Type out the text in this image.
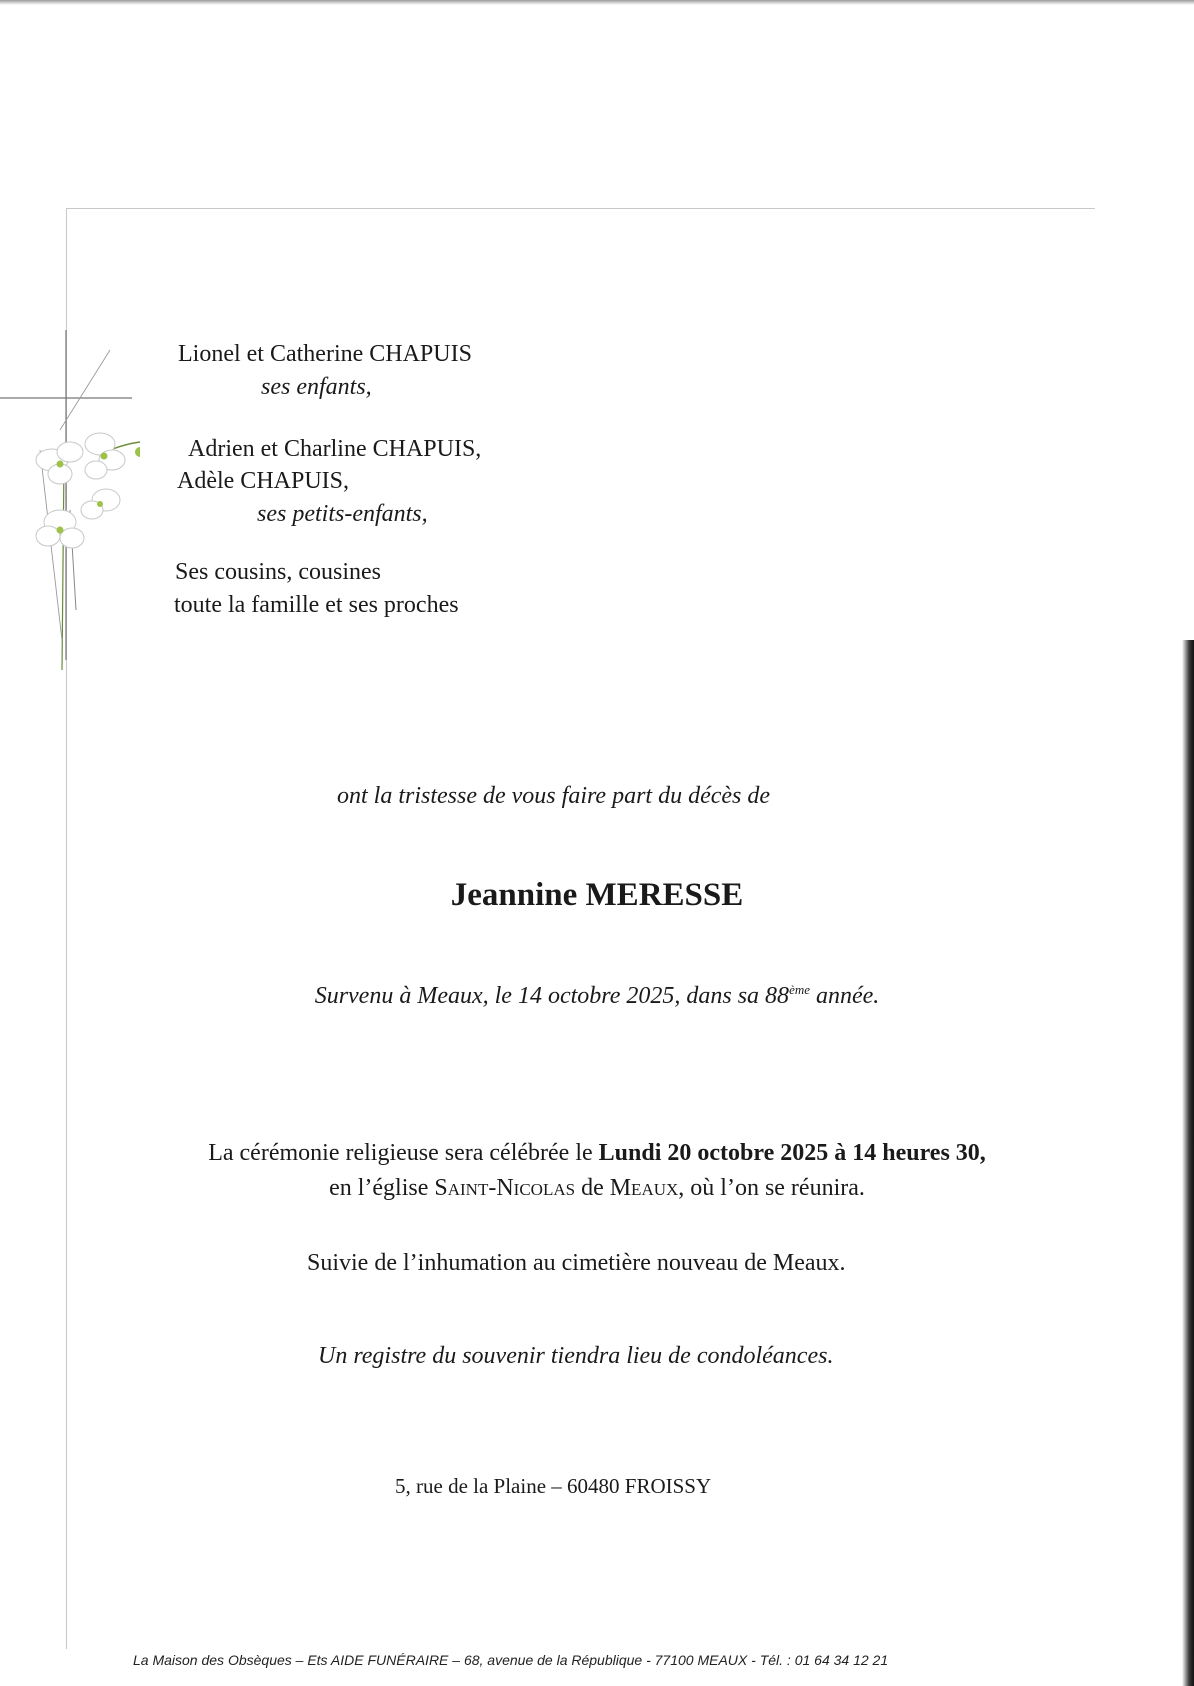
Lionel et Catherine CHAPUIS
ses enfants,
Adrien et Charline CHAPUIS,
Adèle CHAPUIS,
ses petits-enfants,
Ses cousins, cousines
toute la famille et ses proches
ont la tristesse de vous faire part du décès de
Jeannine MERESSE
Survenu à Meaux, le 14 octobre 2025, dans sa 88ème année.
La cérémonie religieuse sera célébrée le Lundi 20 octobre 2025 à 14 heures 30,
en l’église Saint-Nicolas de Meaux, où l’on se réunira.
Suivie de l’inhumation au cimetière nouveau de Meaux.
Un registre du souvenir tiendra lieu de condoléances.
5, rue de la Plaine – 60480 FROISSY
La Maison des Obsèques – Ets AIDE FUNÉRAIRE – 68, avenue de la République - 77100 MEAUX - Tél. : 01 64 34 12 21
